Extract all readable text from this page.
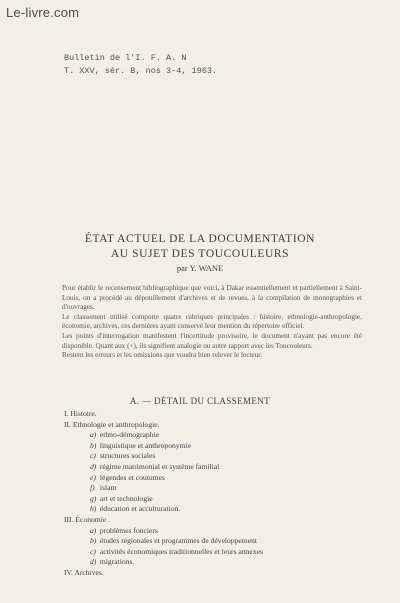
Le-livre.com
Bulletin de l'I. F. A. N
T. XXV, sér. B, nos 3-4, 1963.
ÉTAT ACTUEL DE LA DOCUMENTATION
AU SUJET DES TOUCOULEURS
par Y. WANE

Pour établir le recensement bibliographique que voici, à Dakar essentiellement et partiellement à Saint-Louis, on a procédé au dépouillement d'archives et de revues, à la compilation de monographies et d'ouvrages.

Le classement utilisé comporte quatre rubriques principales : histoire, ethnologie-anthropologie, économie, archives, ces dernières ayant conservé leur mention du répertoire officiel.

Les points d'interrogation manifestent l'incertitude provisoire, le document n'ayant pas encore été disponible. Quant aux (+), ils signifient analogie ou autre rapport avec les Toucouleurs.

Restent les erreurs et les omissions que voudra bien relever le lecteur.

A. — DÉTAIL DU CLASSEMENT
I. Histoire.
II. Ethnologie et anthropologie.
a) ethno-démographie
b) linguistique et anthroponymie
c) structures sociales
d) régime matrimonial et système familial
e) légendes et coutumes
f) islam
g) art et technologie
h) éducation et acculturation.
III. Économie .
a) problèmes fonciers
b) études régionales et programmes de développement
c) activités économiques traditionnelles et leurs annexes
d) migrations.
IV. Archives.
